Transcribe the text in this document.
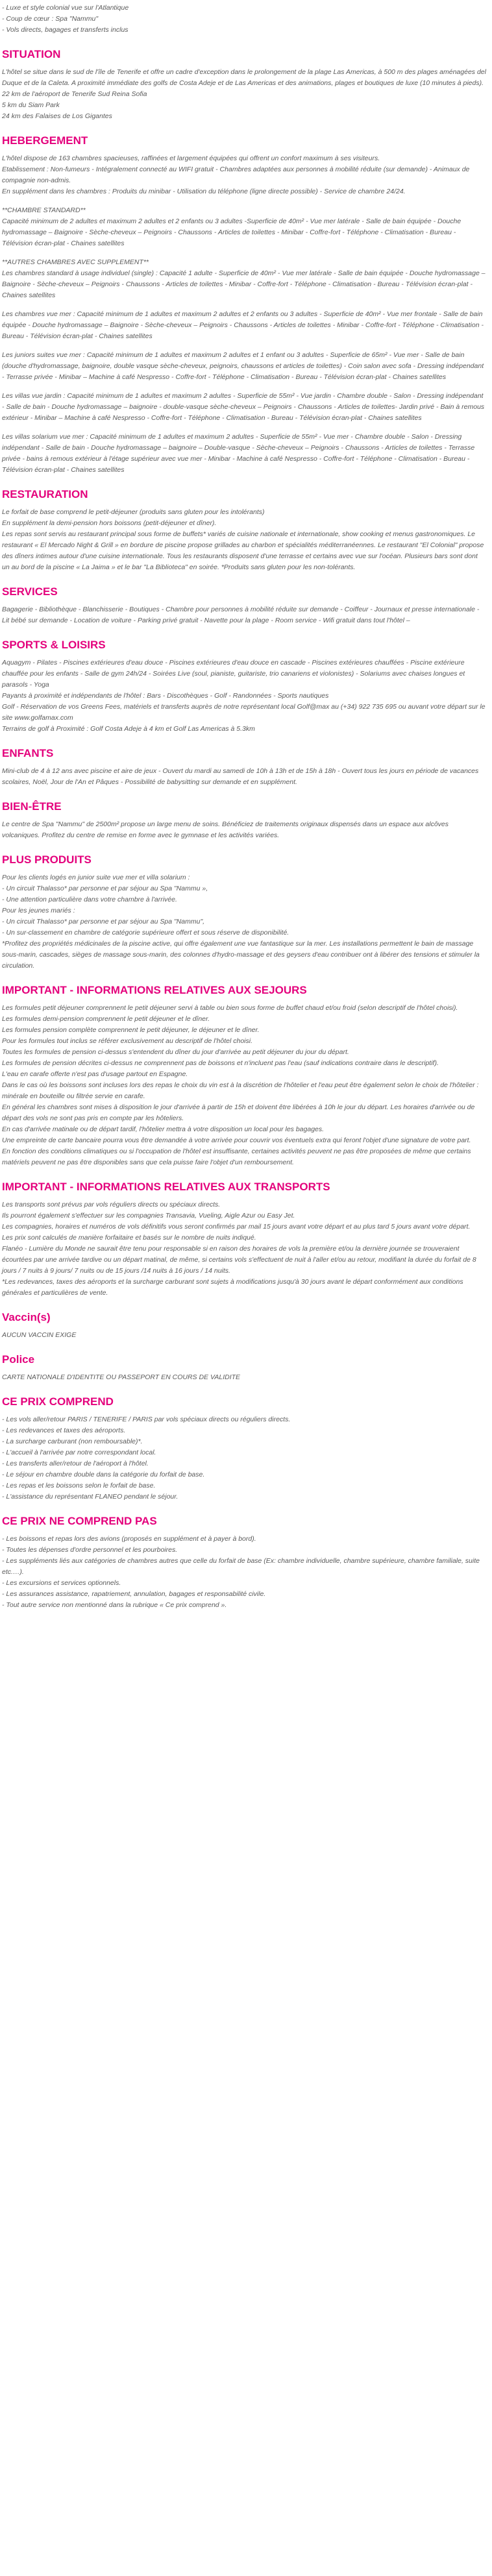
- Luxe et style colonial vue sur l'Atlantique
- Coup de cœur : Spa "Nammu"
- Vols directs, bagages et transferts inclus
SITUATION
L'hôtel se situe dans le sud de l'île de Tenerife et offre un cadre d'exception dans le prolongement de la plage Las Americas, à 500 m des plages aménagées del Duque et de la Caleta. A proximité immédiate des golfs de Costa Adeje et de Las Americas et des animations, plages et boutiques de luxe (10 minutes à pieds).
22 km de l'aéroport de Tenerife Sud Reina Sofia
5 km du Siam Park
24 km des Falaises de Los Gigantes
HEBERGEMENT
L'hôtel dispose de 163 chambres spacieuses, raffinées et largement équipées qui offrent un confort maximum à ses visiteurs.
Etablissement : Non-fumeurs - Intégralement connecté au WIFI gratuit - Chambres adaptées aux personnes à mobilité réduite (sur demande) - Animaux de compagnie non-admis.
En supplément dans les chambres : Produits du minibar - Utilisation du téléphone (ligne directe possible) - Service de chambre 24/24.
**CHAMBRE STANDARD**
Capacité minimum de 2 adultes et maximum 2 adultes et 2 enfants ou 3 adultes -Superficie de 40m² - Vue mer latérale - Salle de bain équipée - Douche hydromassage – Baignoire - Sèche-cheveux – Peignoirs - Chaussons - Articles de toilettes - Minibar - Coffre-fort - Téléphone - Climatisation - Bureau - Télévision écran-plat - Chaines satellites
**AUTRES CHAMBRES AVEC SUPPLEMENT**
Les chambres standard à usage individuel (single) : Capacité 1 adulte - Superficie de 40m² - Vue mer latérale - Salle de bain équipée - Douche hydromassage – Baignoire - Sèche-cheveux – Peignoirs - Chaussons - Articles de toilettes - Minibar - Coffre-fort - Téléphone - Climatisation - Bureau - Télévision écran-plat - Chaines satellites
Les chambres vue mer : Capacité minimum de 1 adultes et maximum 2 adultes et 2 enfants ou 3 adultes - Superficie de 40m² - Vue mer frontale - Salle de bain équipée - Douche hydromassage – Baignoire - Sèche-cheveux – Peignoirs - Chaussons - Articles de toilettes - Minibar - Coffre-fort - Téléphone - Climatisation - Bureau - Télévision écran-plat - Chaines satellites
Les juniors suites vue mer : Capacité minimum de 1 adultes et maximum 2 adultes et 1 enfant ou 3 adultes - Superficie de 65m² - Vue mer - Salle de bain (douche d'hydromassage, baignoire, double vasque sèche-cheveux, peignoirs, chaussons et articles de toilettes) - Coin salon avec sofa - Dressing indépendant - Terrasse privée - Minibar – Machine à café Nespresso - Coffre-fort - Téléphone - Climatisation - Bureau - Télévision écran-plat - Chaines satellites
Les villas vue jardin : Capacité minimum de 1 adultes et maximum 2 adultes - Superficie de 55m² - Vue jardin - Chambre double - Salon - Dressing indépendant - Salle de bain - Douche hydromassage – baignoire - double-vasque sèche-cheveux – Peignoirs - Chaussons - Articles de toilettes- Jardin privé - Bain à remous extérieur - Minibar – Machine à café Nespresso - Coffre-fort - Téléphone - Climatisation - Bureau - Télévision écran-plat - Chaines satellites
Les villas solarium vue mer : Capacité minimum de 1 adultes et maximum 2 adultes - Superficie de 55m² - Vue mer - Chambre double - Salon - Dressing indépendant - Salle de bain - Douche hydromassage – baignoire – Double-vasque - Sèche-cheveux – Peignoirs - Chaussons - Articles de toilettes - Terrasse privée - bains à remous extérieur à l'étage supérieur avec vue mer - Minibar - Machine à café Nespresso - Coffre-fort - Téléphone - Climatisation - Bureau - Télévision écran-plat - Chaines satellites
RESTAURATION
Le forfait de base comprend le petit-déjeuner (produits sans gluten pour les intolérants)
En supplément la demi-pension hors boissons (petit-déjeuner et dîner).
Les repas sont servis au restaurant principal sous forme de buffets* variés de cuisine nationale et internationale, show cooking et menus gastronomiques. Le restaurant « El Mercado Night & Grill » en bordure de piscine propose grillades au charbon et spécialités méditerranéennes. Le restaurant "El Colonial" propose des dîners intimes autour d'une cuisine internationale. Tous les restaurants disposent d'une terrasse et certains avec vue sur l'océan. Plusieurs bars sont dont un au bord de la piscine « La Jaima » et le bar "La Biblioteca" en soirée. *Produits sans gluten pour les non-tolérants.
SERVICES
Bagagerie - Bibliothèque - Blanchisserie - Boutiques - Chambre pour personnes à mobilité réduite sur demande - Coiffeur - Journaux et presse internationale - Lit bébé sur demande - Location de voiture - Parking privé gratuit - Navette pour la plage - Room service - Wifi gratuit dans tout l'hôtel –
SPORTS & LOISIRS
Aquagym - Pilates - Piscines extérieures d'eau douce - Piscines extérieures d'eau douce en cascade - Piscines extérieures chauffées - Piscine extérieure chauffée pour les enfants - Salle de gym 24h/24 - Soirées Live (soul, pianiste, guitariste, trio canariens et violonistes) - Solariums avec chaises longues et parasols - Yoga
Payants à proximité et indépendants de l'hôtel : Bars - Discothèques - Golf - Randonnées - Sports nautiques
Golf - Réservation de vos Greens Fees, matériels et transferts auprès de notre représentant local Golf@max au (+34) 922 735 695 ou auvant votre départ sur le site www.golfamax.com
Terrains de golf à Proximité : Golf Costa Adeje à 4 km et Golf Las Americas à 5.3km
ENFANTS
Mini-club de 4 à 12 ans avec piscine et aire de jeux - Ouvert du mardi au samedi de 10h à 13h et de 15h à 18h - Ouvert tous les jours en période de vacances scolaires, Noël, Jour de l'An et Pâques - Possibilité de babysitting sur demande et en supplément.
BIEN-ÊTRE
Le centre de Spa "Nammu" de 2500m² propose un large menu de soins. Bénéficiez de traitements originaux dispensés dans un espace aux alcôves volcaniques. Profitez du centre de remise en forme avec le gymnase et les activités variées.
PLUS PRODUITS
Pour les clients logés en junior suite vue mer et villa solarium :
- Un circuit Thalasso* par personne et par séjour au Spa "Nammu »,
- Une attention particulière dans votre chambre à l'arrivée.
Pour les jeunes mariés :
- Un circuit Thalasso* par personne et par séjour au Spa "Nammu",
- Un sur-classement en chambre de catégorie supérieure offert et sous réserve de disponibilité.
*Profitez des propriétés médicinales de la piscine active, qui offre également une vue fantastique sur la mer. Les installations permettent le bain de massage sous-marin, cascades, sièges de massage sous-marin, des colonnes d'hydro-massage et des geysers d'eau contribuer ont à libérer des tensions et stimuler la circulation.
IMPORTANT - INFORMATIONS RELATIVES AUX SEJOURS
Les formules petit déjeuner comprennent le petit déjeuner servi à table ou bien sous forme de buffet chaud et/ou froid (selon descriptif de l'hôtel choisi).
Les formules demi-pension comprennent le petit déjeuner et le dîner.
Les formules pension complète comprennent le petit déjeuner, le déjeuner et le dîner.
Pour les formules tout inclus se référer exclusivement au descriptif de l'hôtel choisi.
Toutes les formules de pension ci-dessus s'entendent du dîner du jour d'arrivée au petit déjeuner du jour du départ.
Les formules de pension décrites ci-dessus ne comprennent pas de boissons et n'incluent pas l'eau (sauf indications contraire dans le descriptif).
L'eau en carafe offerte n'est pas d'usage partout en Espagne.
Dans le cas où les boissons sont incluses lors des repas le choix du vin est à la discrétion de l'hôtelier et l'eau peut être également selon le choix de l'hôtelier : minérale en bouteille ou filtrée servie en carafe.
En général les chambres sont mises à disposition le jour d'arrivée à partir de 15h et doivent être libérées à 10h le jour du départ. Les horaires d'arrivée ou de départ des vols ne sont pas pris en compte par les hôteliers.
En cas d'arrivée matinale ou de départ tardif, l'hôtelier mettra à votre disposition un local pour les bagages.
Une empreinte de carte bancaire pourra vous être demandée à votre arrivée pour couvrir vos éventuels extra qui feront l'objet d'une signature de votre part.
En fonction des conditions climatiques ou si l'occupation de l'hôtel est insuffisante, certaines activités peuvent ne pas être proposées de même que certains matériels peuvent ne pas être disponibles sans que cela puisse faire l'objet d'un remboursement.
IMPORTANT - INFORMATIONS RELATIVES AUX TRANSPORTS
Les transports sont prévus par vols réguliers directs ou spéciaux directs.
Ils pourront également s'effectuer sur les compagnies Transavia, Vueling, Aigle Azur ou Easy Jet.
Les compagnies, horaires et numéros de vols définitifs vous seront confirmés par mail 15 jours avant votre départ et au plus tard 5 jours avant votre départ.
Les prix sont calculés de manière forfaitaire et basés sur le nombre de nuits indiqué.
Flanéo - Lumière du Monde ne saurait être tenu pour responsable si en raison des horaires de vols la première et/ou la dernière journée se trouveraient écourtées par une arrivée tardive ou un départ matinal, de même, si certains vols s'effectuent de nuit à l'aller et/ou au retour, modifiant la durée du forfait de 8 jours / 7 nuits à 9 jours/ 7 nuits ou de 15 jours /14 nuits à 16 jours / 14 nuits.
*Les redevances, taxes des aéroports et la surcharge carburant sont sujets à modifications jusqu'à 30 jours avant le départ conformément aux conditions générales et particulières de vente.
Vaccin(s)
AUCUN VACCIN EXIGE
Police
CARTE NATIONALE D'IDENTITE OU PASSEPORT EN COURS DE VALIDITE
CE PRIX COMPREND
- Les vols aller/retour PARIS / TENERIFE / PARIS par vols spéciaux directs ou réguliers directs.
- Les redevances et taxes des aéroports.
- La surcharge carburant (non remboursable)*.
- L'accueil à l'arrivée par notre correspondant local.
- Les transferts aller/retour de l'aéroport à l'hôtel.
- Le séjour en chambre double dans la catégorie du forfait de base.
- Les repas et les boissons selon le forfait de base.
- L'assistance du représentant FLANEO pendant le séjour.
CE PRIX NE COMPREND PAS
- Les boissons et repas lors des avions (proposés en supplément et à payer à bord).
- Toutes les dépenses d'ordre personnel et les pourboires.
- Les suppléments liés aux catégories de chambres autres que celle du forfait de base (Ex: chambre individuelle, chambre supérieure, chambre familiale, suite etc.…).
- Les excursions et services optionnels.
- Les assurances assistance, rapatriement, annulation, bagages et responsabilité civile.
- Tout autre service non mentionné dans la rubrique « Ce prix comprend ».
